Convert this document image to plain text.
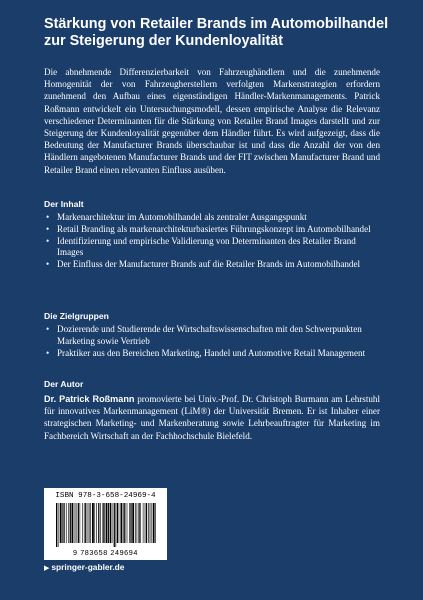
Stärkung von Retailer Brands im Automobilhandel
zur Steigerung der Kundenloyalität

Die abnehmende Differenzierbarkeit von Fahrzeughändlern und die zunehmende Homogenität der von Fahrzeugherstellern verfolgten Markenstrategien erfordern zunehmend den Aufbau eines eigenständigen Händler-Markenmanagements. Patrick Roßmann entwickelt ein Untersuchungsmodell, dessen empirische Analyse die Relevanz verschiedener Determinanten für die Stärkung von Retailer Brand Images darstellt und zur Steigerung der Kundenloyalität gegenüber dem Händler führt. Es wird aufgezeigt, dass die Bedeutung der Manufacturer Brands überschaubar ist und dass die Anzahl der von den Händlern angebotenen Manufacturer Brands und der FIT zwischen Manufacturer Brand und Retailer Brand einen relevanten Einfluss ausüben.

Der Inhalt
• Markenarchitektur im Automobilhandel als zentraler Ausgangspunkt
• Retail Branding als markenarchitekturbasiertes Führungskonzept im Automobilhandel
• Identifizierung und empirische Validierung von Determinanten des Retailer Brand Images
• Der Einfluss der Manufacturer Brands auf die Retailer Brands im Automobilhandel
Die Zielgruppen
• Dozierende und Studierende der Wirtschaftswissenschaften mit den Schwerpunkten Marketing sowie Vertrieb
• Praktiker aus den Bereichen Marketing, Handel und Automotive Retail Management
Der Autor

Dr. Patrick Roßmann promovierte bei Univ.-Prof. Dr. Christoph Burmann am Lehrstuhl für innovatives Markenmanagement (LiM®) der Universität Bremen. Er ist Inhaber einer strategischen Marketing- und Markenberatung sowie Lehrbeauftragter für Marketing im Fachbereich Wirtschaft an der Fachhochschule Bielefeld.

ISBN 978-3-658-24969-4
9 783658 249694
▶ springer-gabler.de
